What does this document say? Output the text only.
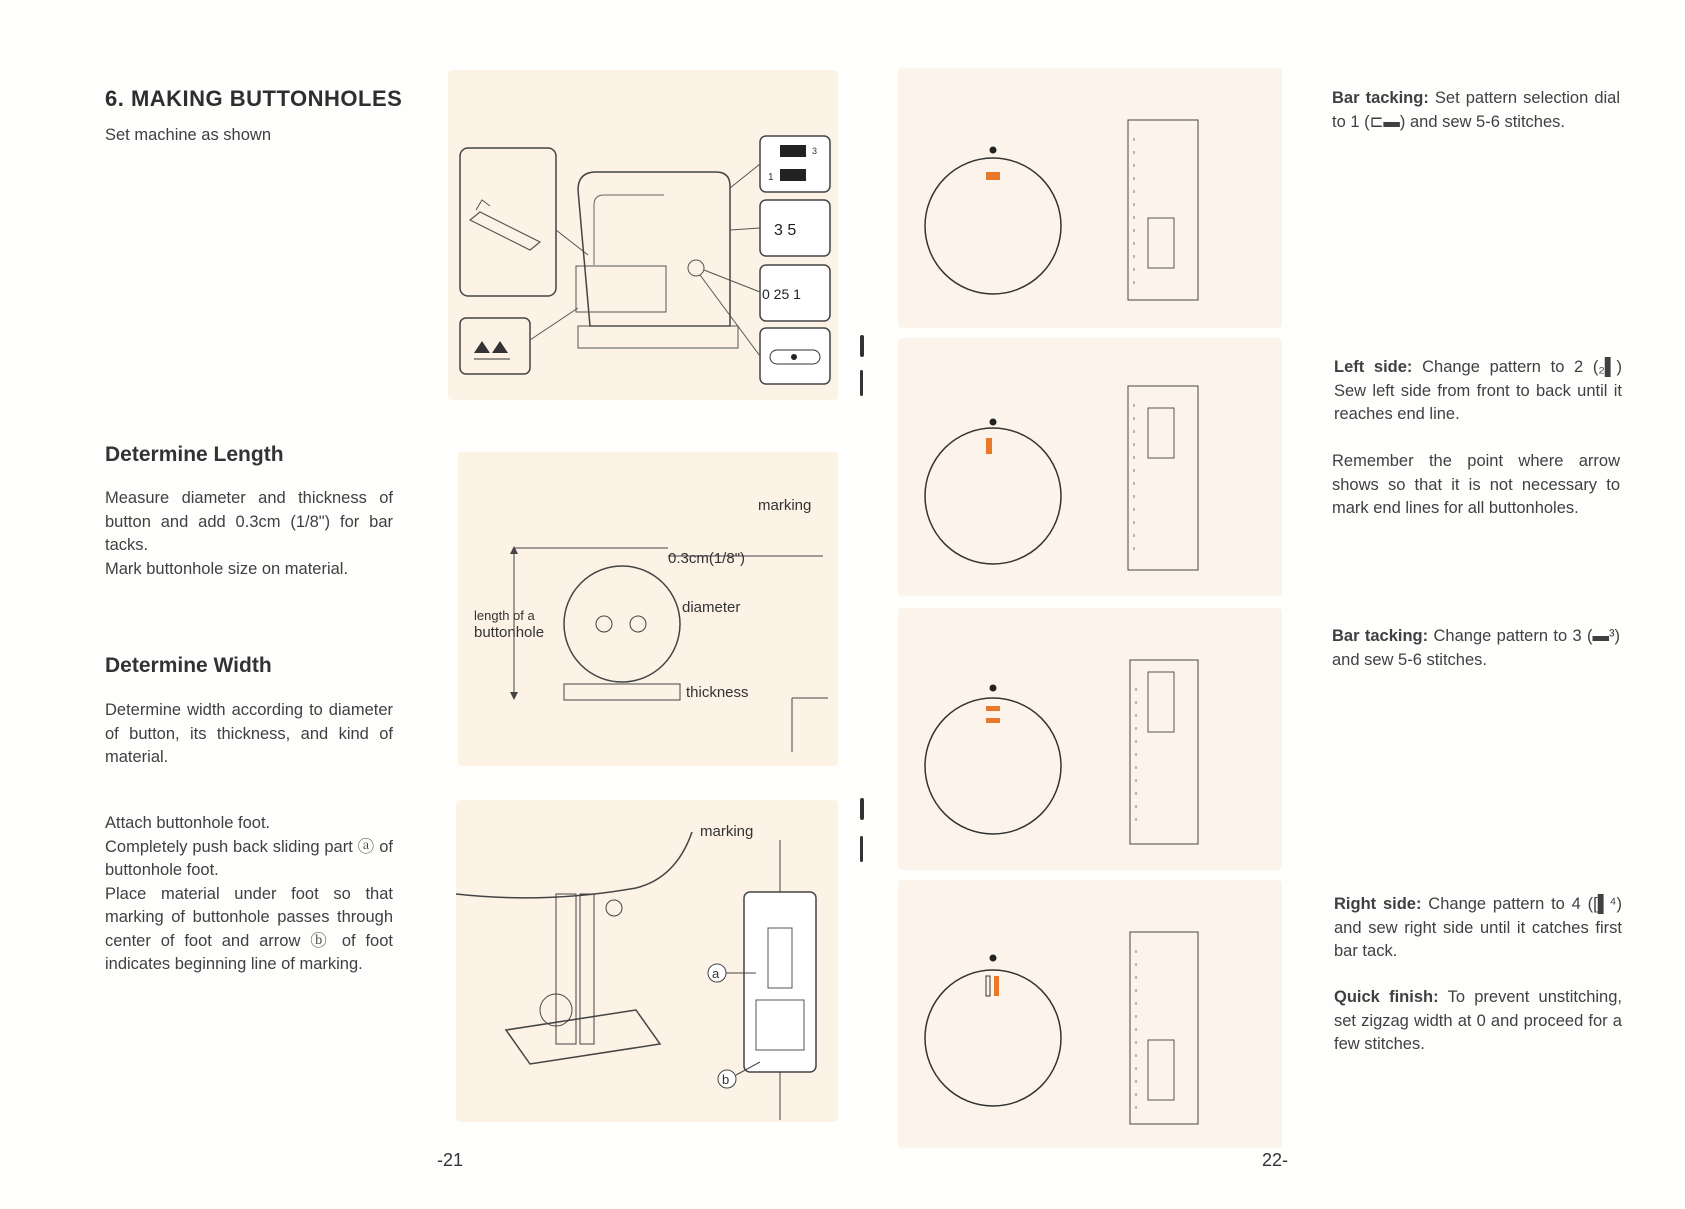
6. MAKING BUTTONHOLES
Set machine as shown
Determine Length
Measure diameter and thickness of button and add 0.3cm (1/8") for bar tacks.
Mark buttonhole size on material.
Determine Width
Determine width according to diameter of button, its thickness, and kind of material.
Attach buttonhole foot.
Completely push back sliding part ⓐ of buttonhole foot.
Place material under foot so that marking of buttonhole passes through center of foot and arrow ⓑ of foot indicates beginning line of marking.
3
1
3 5
0 25 1
marking
0.3cm(1/8")
diameter
length of a
buttonhole
thickness
marking
a
b
-21
Bar tacking: Set pattern selection dial to 1 (⊏▬) and sew 5-6 stitches.
Left side: Change pattern to 2 (₂▌) Sew left side from front to back until it reaches end line.
Remember the point where arrow shows so that it is not necessary to mark end lines for all buttonholes.
Bar tacking: Change pattern to 3 (▬³) and sew 5-6 stitches.
Right side: Change pattern to 4 ([▌⁴) and sew right side until it catches first bar tack.
Quick finish: To prevent unstitching, set zigzag width at 0 and proceed for a few stitches.
22-
